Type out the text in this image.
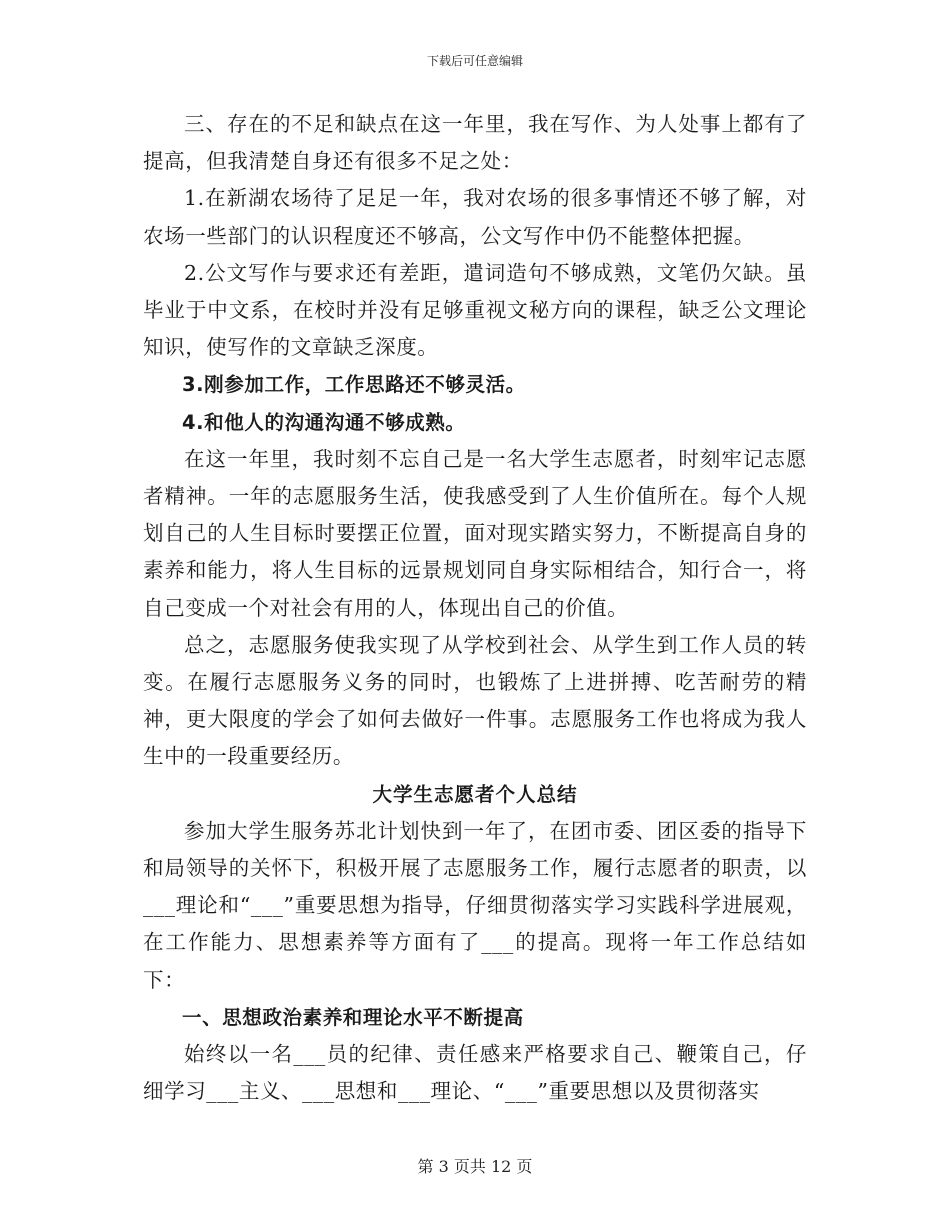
下载后可任意编辑

三、存在的不足和缺点在这一年里，我在写作、为人处事上都有了提高，但我清楚自身还有很多不足之处：

1.在新湖农场待了足足一年，我对农场的很多事情还不够了解，对农场一些部门的认识程度还不够高，公文写作中仍不能整体把握。

2.公文写作与要求还有差距，遣词造句不够成熟，文笔仍欠缺。虽毕业于中文系，在校时并没有足够重视文秘方向的课程，缺乏公文理论知识，使写作的文章缺乏深度。

3.刚参加工作，工作思路还不够灵活。

4.和他人的沟通沟通不够成熟。

在这一年里，我时刻不忘自己是一名大学生志愿者，时刻牢记志愿者精神。一年的志愿服务生活，使我感受到了人生价值所在。每个人规划自己的人生目标时要摆正位置，面对现实踏实努力，不断提高自身的素养和能力，将人生目标的远景规划同自身实际相结合，知行合一，将自己变成一个对社会有用的人，体现出自己的价值。

总之，志愿服务使我实现了从学校到社会、从学生到工作人员的转变。在履行志愿服务义务的同时，也锻炼了上进拼搏、吃苦耐劳的精神，更大限度的学会了如何去做好一件事。志愿服务工作也将成为我人生中的一段重要经历。

大学生志愿者个人总结

参加大学生服务苏北计划快到一年了，在团市委、团区委的指导下和局领导的关怀下，积极开展了志愿服务工作，履行志愿者的职责，以___理论和“___”重要思想为指导，仔细贯彻落实学习实践科学进展观，在工作能力、思想素养等方面有了___的提高。现将一年工作总结如下：

一、思想政治素养和理论水平不断提高

始终以一名___员的纪律、责任感来严格要求自己、鞭策自己，仔细学习___主义、___思想和___理论、“___”重要思想以及贯彻落实

第 3 页共 12 页
